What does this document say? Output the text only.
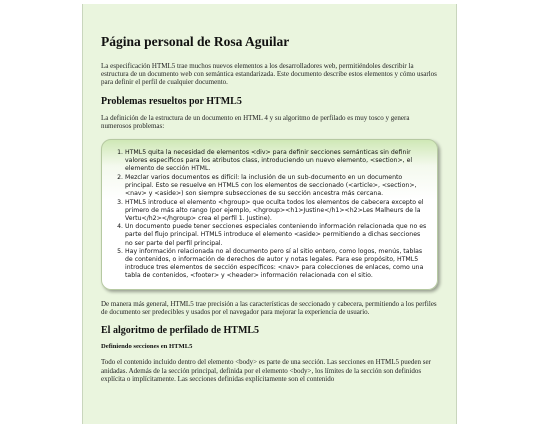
Página personal de Rosa Aguilar

La especificación HTML5 trae muchos nuevos elementos a los desarrolladores web, permitiéndoles describir la estructura de un documento web con semántica estandarizada. Este documento describe estos elementos y cómo usarlos para definir el perfil de cualquier documento.

Problemas resueltos por HTML5

La definición de la estructura de un documento en HTML 4 y su algoritmo de perfilado es muy tosco y genera numerosos problemas:

1. HTML5 quita la necesidad de elementos <div> para definir secciones semánticas sin definir valores específicos para los atributos class, introduciendo un nuevo elemento, <section>, el elemento de sección HTML.
2. Mezclar varios documentos es difícil: la inclusión de un sub-documento en un documento principal. Esto se resuelve en HTML5 con los elementos de seccionado (<article>, <section>, <nav> y <aside>) son siempre subsecciones de su sección ancestra más cercana.
3. HTML5 introduce el elemento <hgroup> que oculta todos los elementos de cabecera excepto el primero de más alto rango (por ejemplo, <hgroup><h1>Justine</h1><h2>Les Malheurs de la Vertu</h2></hgroup> crea el perfil 1. Justine).
4. Un documento puede tener secciones especiales conteniendo información relacionada que no es parte del flujo principal. HTML5 introduce el elemento <aside> permitiendo a dichas secciones no ser parte del perfil principal.
5. Hay información relacionada no al documento pero sí al sitio entero, como logos, menús, tablas de contenidos, o información de derechos de autor y notas legales. Para ese propósito, HTML5 introduce tres elementos de sección específicos: <nav> para colecciones de enlaces, como una tabla de contenidos, <footer> y <header> información relacionada con el sitio.

De manera más general, HTML5 trae precisión a las características de seccionado y cabecera, permitiendo a los perfiles de documento ser predecibles y usados por el navegador para mejorar la experiencia de usuario.

El algoritmo de perfilado de HTML5
Definiendo secciones en HTML5

Todo el contenido incluido dentro del elemento <body> es parte de una sección. Las secciones en HTML5 pueden ser anidadas. Además de la sección principal, definida por el elemento <body>, los límites de la sección son definidos explícita o implícitamente. Las secciones definidas explícitamente son el contenido
